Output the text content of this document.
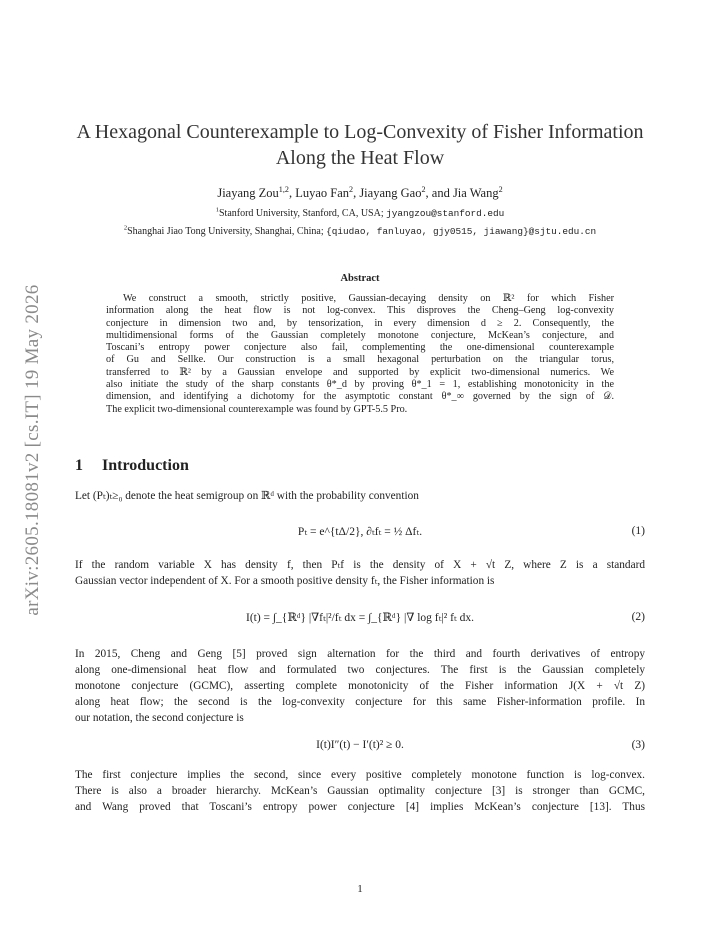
arXiv:2605.18081v2 [cs.IT] 19 May 2026
A Hexagonal Counterexample to Log-Convexity of Fisher Information
Along the Heat Flow
Jiayang Zou$^{1,2}$, Luyao Fan$^2$, Jiayang Gao$^2$, and Jia Wang$^2$
$^1$Stanford University, Stanford, CA, USA; jyangzou@stanford.edu
$^2$Shanghai Jiao Tong University, Shanghai, China; {qiudao, fanluyao, gjy0515, jiawang}@sjtu.edu.cn
Abstract
We construct a smooth, strictly positive, Gaussian-decaying density on ℝ² for which Fisher
information along the heat flow is not log-convex. This disproves the Cheng–Geng log-convexity
conjecture in dimension two and, by tensorization, in every dimension d ≥ 2. Consequently, the
multidimensional forms of the Gaussian completely monotone conjecture, McKean’s conjecture, and
Toscani’s entropy power conjecture also fail, complementing the one-dimensional counterexample
of Gu and Sellke. Our construction is a small hexagonal perturbation on the triangular torus,
transferred to ℝ² by a Gaussian envelope and supported by explicit two-dimensional numerics. We
also initiate the study of the sharp constants θ*_d by proving θ*_1 = 1, establishing monotonicity in the
dimension, and identifying a dichotomy for the asymptotic constant θ*_∞ governed by the sign of 𝒟.
The explicit two-dimensional counterexample was found by GPT-5.5 Pro.
1 Introduction
Let (Pₜ)ₜ≥₀ denote the heat semigroup on ℝᵈ with the probability convention
Pₜ = e^{tΔ/2}, ∂ₜfₜ = ½ Δfₜ.	(1)
If the random variable X has density f, then Pₜf is the density of X + √t Z, where Z is a standard
Gaussian vector independent of X. For a smooth positive density fₜ, the Fisher information is
I(t) = ∫_{ℝᵈ} |∇fₜ|²/fₜ dx = ∫_{ℝᵈ} |∇ log fₜ|² fₜ dx.	(2)
In 2015, Cheng and Geng [5] proved sign alternation for the third and fourth derivatives of entropy
along one-dimensional heat flow and formulated two conjectures. The first is the Gaussian completely
monotone conjecture (GCMC), asserting complete monotonicity of the Fisher information J(X + √t Z)
along heat flow; the second is the log-convexity conjecture for this same Fisher-information profile. In
our notation, the second conjecture is
I(t)I″(t) − I′(t)² ≥ 0.	(3)
The first conjecture implies the second, since every positive completely monotone function is log-convex.
There is also a broader hierarchy. McKean’s Gaussian optimality conjecture [3] is stronger than GCMC,
and Wang proved that Toscani’s entropy power conjecture [4] implies McKean’s conjecture [13]. Thus
1
